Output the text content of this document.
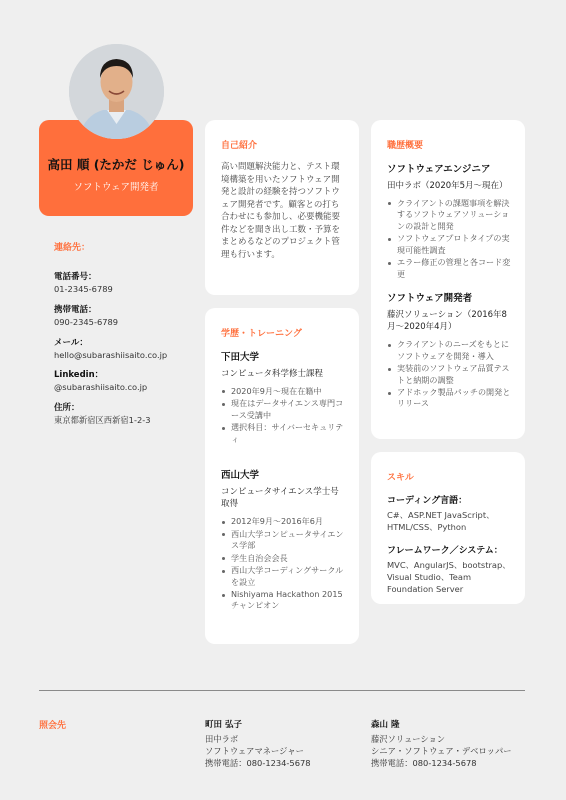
高田 順 (たかだ じゅん)
ソフトウェア開発者
連絡先：
電話番号：
01-2345-6789
携帯電話：
090-2345-6789
メール：
hello@subarashiisaito.co.jp
Linkedin：
@subarashiisaito.co.jp
住所：
東京都新宿区西新宿1-2-3
自己紹介
高い問題解決能力と、テスト環境構築を用いたソフトウェア開発と設計の経験を持つソフトウェア開発者です。顧客との打ち合わせにも参加し、必要機能要件などを聞き出し工数・予算をまとめるなどのプロジェクト管理も行います。
学歴・トレーニング
下田大学
コンピュータ科学修士課程
2020年9月～現在在籍中
現在はデータサイエンス専門コース受講中
選択科目：サイバーセキュリティ
西山大学
コンピュータサイエンス学士号取得
2012年9月～2016年6月
西山大学コンピュータサイエンス学部
学生自治会会長
西山大学コーディングサークルを設立
Nishiyama Hackathon 2015 チャンピオン
職歴概要
ソフトウェアエンジニア
田中ラボ（2020年5月～現在）
クライアントの課題事項を解決するソフトウェアソリューションの設計と開発
ソフトウェアプロトタイプの実現可能性調査
エラー修正の管理と各コード変更
ソフトウェア開発者
藤沢ソリューション（2016年8月～2020年4月）
クライアントのニーズをもとにソフトウェアを開発・導入
実装前のソフトウェア品質テストと納期の調整
アドホック製品パッチの開発とリリース
スキル
コーディング言語：
C#、ASP.NET JavaScript、HTML/CSS、Python
フレームワーク／システム：
MVC、AngularJS、bootstrap、Visual Studio、Team Foundation Server
照会先	町田 弘子
田中ラボ
ソフトウェアマネージャー
携帯電話：080-1234-5678
森山 隆
藤沢ソリューション
シニア・ソフトウェア・デベロッパー
携帯電話：080-1234-5678
